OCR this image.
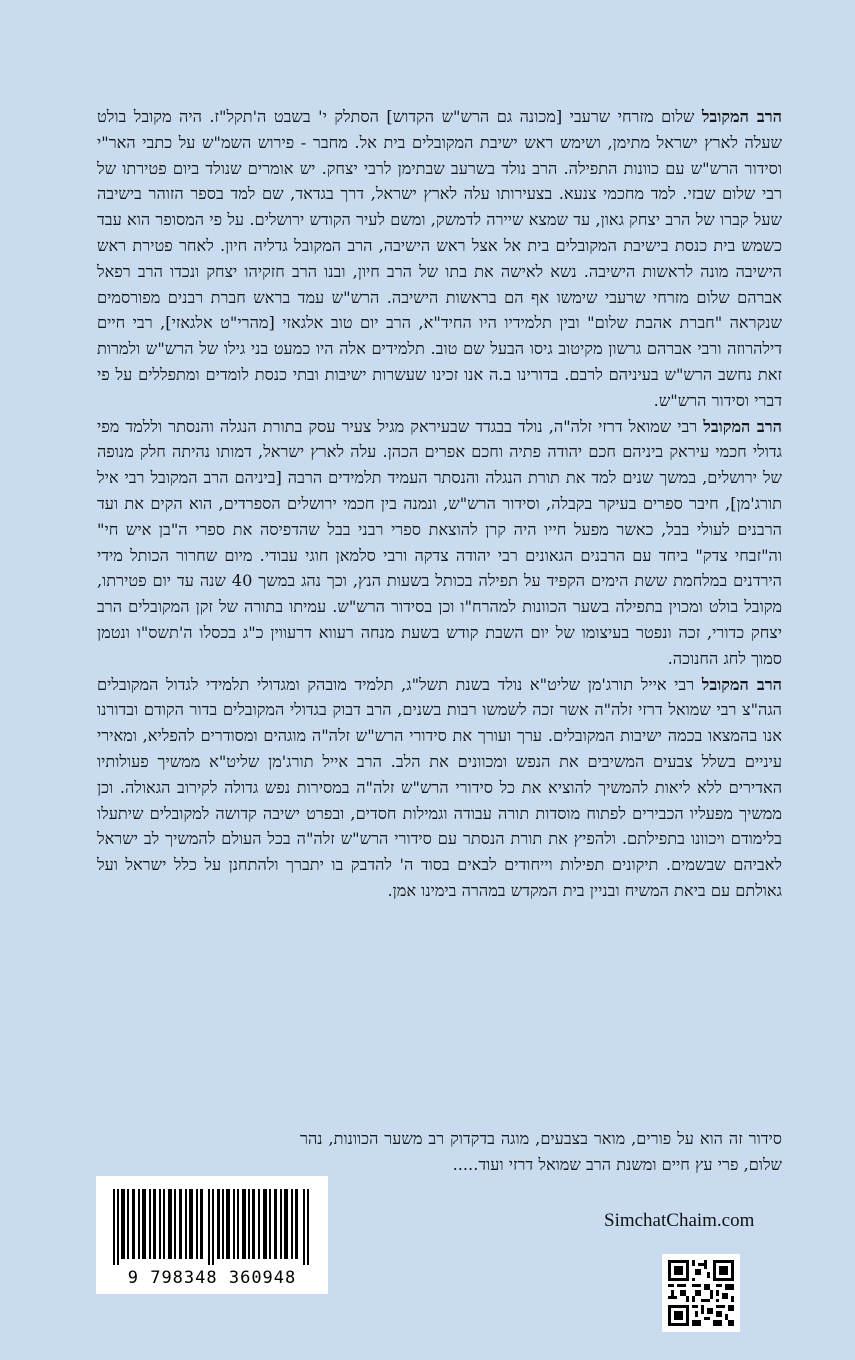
הרב המקובל שלום מזרחי שרעבי [מכונה גם הרש"ש הקדוש] הסתלק י' בשבט ה'תקל"ז. היה מקובל בולט שעלה לארץ ישראל מתימן, ושימש ראש ישיבת המקובלים בית אל. מחבר - פירוש השמ"ש על כתבי האר"י וסידור הרש"ש עם כוונות התפילה. הרב נולד בשרעב שבתימן לרבי יצחק. יש אומרים שנולד ביום פטירתו של רבי שלום שבזי. למד מחכמי צנעא. בצעירותו עלה לארץ ישראל, דרך בגדאד, שם למד בספר הזוהר בישיבה שעל קברו של הרב יצחק גאון, עד שמצא שיירה לדמשק, ומשם לעיר הקודש ירושלים. על פי המסופר הוא עבד כשמש בית כנסת בישיבת המקובלים בית אל אצל ראש הישיבה, הרב המקובל גדליה חיון. לאחר פטירת ראש הישיבה מונה לראשות הישיבה. נשא לאישה את בתו של הרב חיון, ובנו הרב חזקיהו יצחק ונכדו הרב רפאל אברהם שלום מזרחי שרעבי שימשו אף הם בראשות הישיבה. הרש"ש עמד בראש חברת רבנים מפורסמים שנקראה "חברת אהבת שלום" ובין תלמידיו היו החיד"א, הרב יום טוב אלגאזי [מהרי"ט אלגאזי], רבי חיים דילהרוזה ורבי אברהם גרשון מקיטוב גיסו הבעל שם טוב. תלמידים אלה היו כמעט בני גילו של הרש"ש ולמרות זאת נחשב הרש"ש בעיניהם לרבם. בדורינו ב.ה אנו זכינו שעשרות ישיבות ובתי כנסת לומדים ומתפללים על פי דברי וסידור הרש"ש.

הרב המקובל רבי שמואל דרזי זלה"ה, נולד בבגדד שבעיראק מגיל צעיר עסק בתורת הנגלה והנסתר וללמד מפי גדולי חכמי עיראק ביניהם חכם יהודה פתיה וחכם אפרים הכהן. עלה לארץ ישראל, דמותו נהיתה חלק מנופה של ירושלים, במשך שנים למד את תורת הנגלה והנסתר העמיד תלמידים הרבה [ביניהם הרב המקובל רבי איל תורג'מן], חיבר ספרים בעיקר בקבלה, וסידור הרש"ש, ונמנה בין חכמי ירושלים הספרדים, הוא הקים את ועד הרבנים לעולי בבל, כאשר מפעל חייו היה קרן להוצאת ספרי רבני בבל שהדפיסה את ספרי ה"בן איש חי" וה"זבחי צדק" ביחד עם הרבנים הגאונים רבי יהודה צדקה ורבי סלמאן חוגי עבודי. מיום שחרור הכותל מידי הירדנים במלחמת ששת הימים הקפיד על תפילה בכותל בשעות הנץ, וכך נהג במשך 40 שנה עד יום פטירתו, מקובל בולט ומכוין בתפילה בשער הכוונות למהרח"ו וכן בסידור הרש"ש. עמיתו בתורה של זקן המקובלים הרב יצחק כדורי, זכה ונפטר בעיצומו של יום השבת קודש בשעת מנחה רעווא דרעווין כ"ג בכסלו ה'תשס"ו ונטמן סמוך לחג החנוכה.

הרב המקובל רבי אייל תורג'מן שליט"א נולד בשנת תשל"ג, תלמיד מובהק ומגדולי תלמידי לגדול המקובלים הגה"צ רבי שמואל דרזי זלה"ה אשר זכה לשמשו רבות בשנים, הרב דבוק בגדולי המקובלים בדור הקודם ובדורנו אנו בהמצאו בכמה ישיבות המקובלים. ערך ועורך את סידורי הרש"ש זלה"ה מוגהים ומסודרים להפליא, ומאירי עיניים בשלל צבעים המשיבים את הנפש ומכוונים את הלב. הרב אייל תורג'מן שליט"א ממשיך פעולותיו האדירים ללא ליאות להמשיך להוציא את כל סידורי הרש"ש זלה"ה במסירות נפש גדולה לקירוב הגאולה. וכן ממשיך מפעליו הכבירים לפתוח מוסדות תורה עבודה וגמילות חסדים, ובפרט ישיבה קדושה למקובלים שיתעלו בלימודם ויכוונו בתפילתם. ולהפיץ את תורת הנסתר עם סידורי הרש"ש זלה"ה בכל העולם להמשיך לב ישראל לאביהם שבשמים. תיקונים תפילות וייחודים לבאים בסוד ה' להדבק בו יתברך ולהתחנן על כלל ישראל ועל גאולתם עם ביאת המשיח ובניין בית המקדש במהרה בימינו אמן.

סידור זה הוא על פורים, מואר בצבעים, מוגה בדקדוק רב משער הכוונות, נהר שלום, פרי עץ חיים ומשנת הרב שמואל דרזי ועוד.....
9 798348 360948
SimchatChaim.com
